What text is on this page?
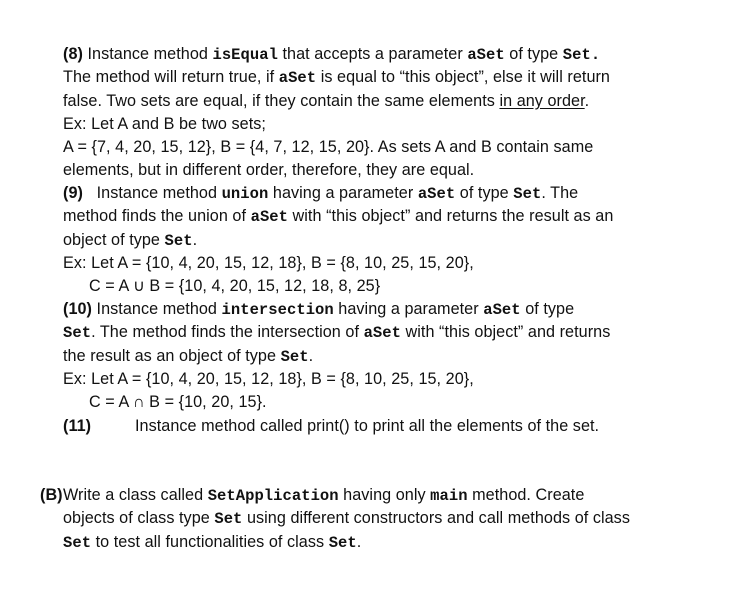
(8) Instance method isEqual that accepts a parameter aSet of type Set.
The method will return true, if aSet is equal to “this object”, else it will return
false. Two sets are equal, if they contain the same elements in any order.
Ex: Let A and B be two sets;
A = {7, 4, 20, 15, 12}, B = {4, 7, 12, 15, 20}. As sets A and B contain same
elements, but in different order, therefore, they are equal.
(9) Instance method union having a parameter aSet of type Set. The
method finds the union of aSet with “this object” and returns the result as an
object of type Set.
Ex: Let A = {10, 4, 20, 15, 12, 18}, B = {8, 10, 25, 15, 20},
C = A ∪ B = {10, 4, 20, 15, 12, 18, 8, 25}
(10) Instance method intersection having a parameter aSet of type
Set. The method finds the intersection of aSet with “this object” and returns
the result as an object of type Set.
Ex: Let A = {10, 4, 20, 15, 12, 18}, B = {8, 10, 25, 15, 20},
C = A ∩ B = {10, 20, 15}.
(11)	Instance method called print() to print all the elements of the set.
(B) Write a class called SetApplication having only main method. Create
objects of class type Set using different constructors and call methods of class
Set to test all functionalities of class Set.
